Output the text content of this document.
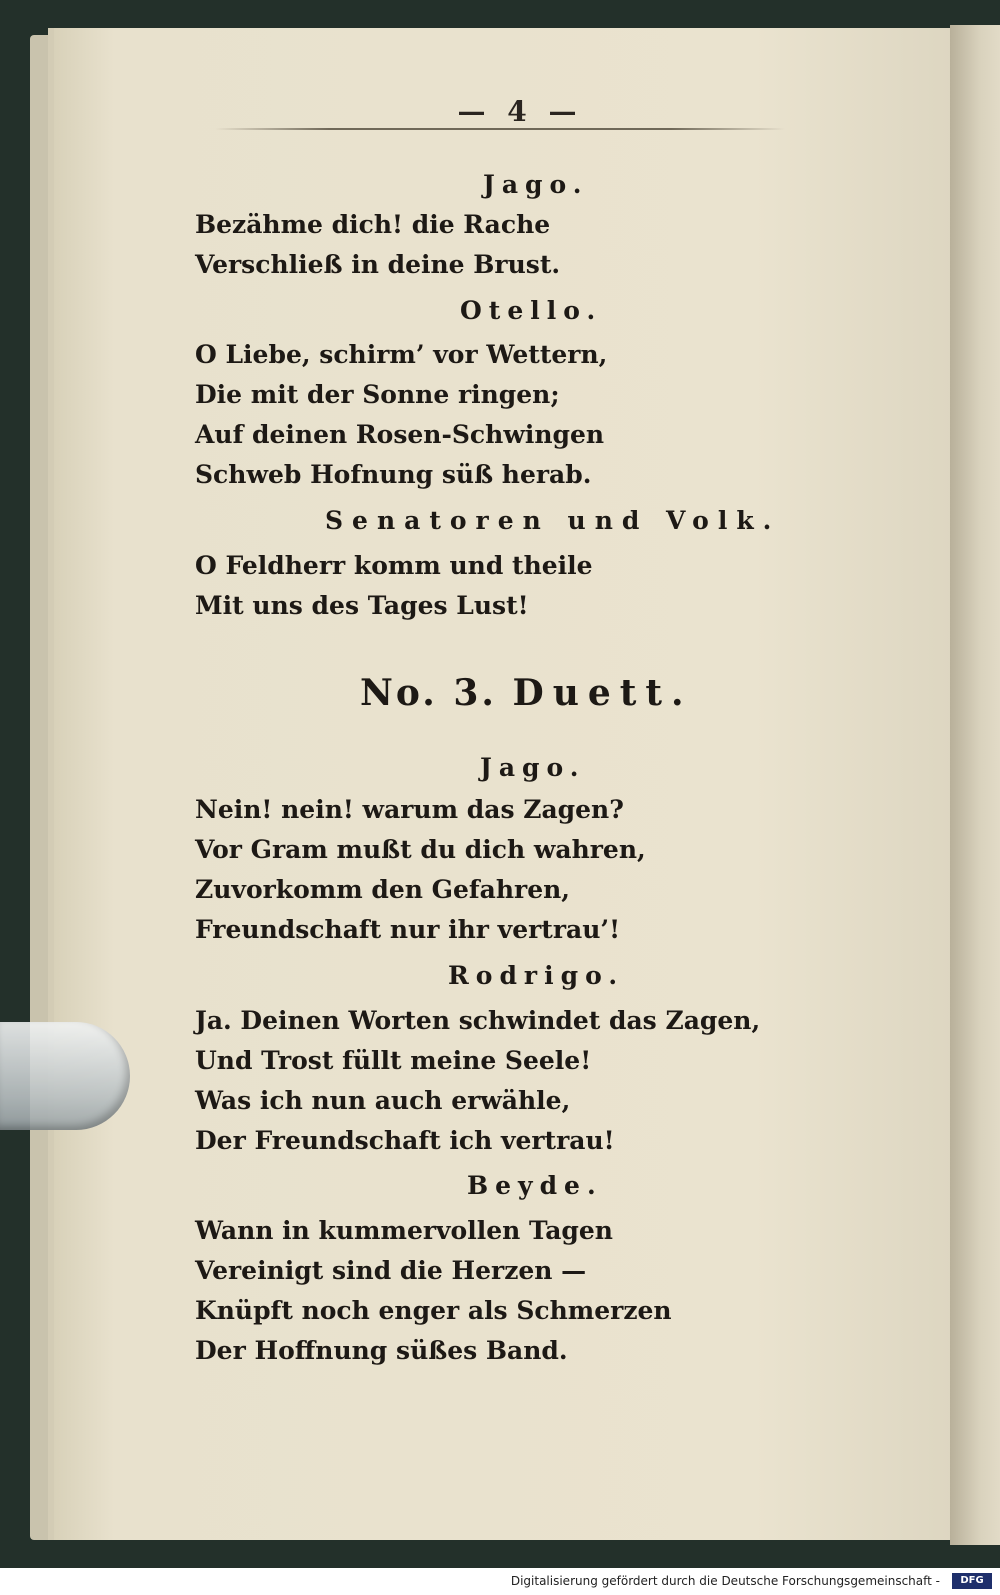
— 4 —
Jago.
Bezähme dich! die Rache
Verschließ in deine Brust.
Otello.
O Liebe, schirm’ vor Wettern,
Die mit der Sonne ringen;
Auf deinen Rosen-Schwingen
Schweb Hofnung süß herab.
Senatoren und Volk.
O Feldherr komm und theile
Mit uns des Tages Lust!
No. 3. Duett.
Jago.
Nein! nein! warum das Zagen?
Vor Gram mußt du dich wahren,
Zuvorkomm den Gefahren,
Freundschaft nur ihr vertrau’!
Rodrigo.
Ja. Deinen Worten schwindet das Zagen,
Und Trost füllt meine Seele!
Was ich nun auch erwähle,
Der Freundschaft ich vertrau!
Beyde.
Wann in kummervollen Tagen
Vereinigt sind die Herzen —
Knüpft noch enger als Schmerzen
Der Hoffnung süßes Band.
Digitalisierung gefördert durch die Deutsche Forschungsgemeinschaft -	DFG
